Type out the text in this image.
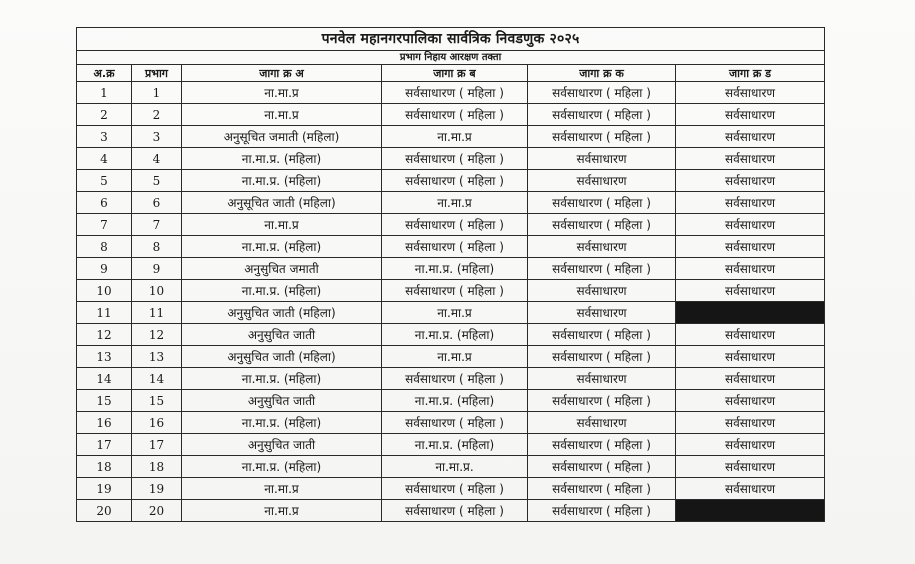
पनवेल महानगरपालिका सार्वत्रिक निवडणुक २०२५					
प्रभाग निहाय आरक्षण तक्ता					
अ.क्र	प्रभाग	जागा क्र अ	जागा क्र ब	जागा क्र क	जागा क्र ड
1	1	ना.मा.प्र	सर्वसाधारण ( महिला )	सर्वसाधारण ( महिला )	सर्वसाधारण
2	2	ना.मा.प्र	सर्वसाधारण ( महिला )	सर्वसाधारण ( महिला )	सर्वसाधारण
3	3	अनुसूचित जमाती (महिला)	ना.मा.प्र	सर्वसाधारण ( महिला )	सर्वसाधारण
4	4	ना.मा.प्र. (महिला)	सर्वसाधारण ( महिला )	सर्वसाधारण	सर्वसाधारण
5	5	ना.मा.प्र. (महिला)	सर्वसाधारण ( महिला )	सर्वसाधारण	सर्वसाधारण
6	6	अनुसूचित जाती (महिला)	ना.मा.प्र	सर्वसाधारण ( महिला )	सर्वसाधारण
7	7	ना.मा.प्र	सर्वसाधारण ( महिला )	सर्वसाधारण ( महिला )	सर्वसाधारण
8	8	ना.मा.प्र. (महिला)	सर्वसाधारण ( महिला )	सर्वसाधारण	सर्वसाधारण
9	9	अनुसुचित जमाती	ना.मा.प्र. (महिला)	सर्वसाधारण ( महिला )	सर्वसाधारण
10	10	ना.मा.प्र. (महिला)	सर्वसाधारण ( महिला )	सर्वसाधारण	सर्वसाधारण
11	11	अनुसुचित जाती (महिला)	ना.मा.प्र	सर्वसाधारण	
12	12	अनुसुचित जाती	ना.मा.प्र. (महिला)	सर्वसाधारण ( महिला )	सर्वसाधारण
13	13	अनुसुचित जाती (महिला)	ना.मा.प्र	सर्वसाधारण ( महिला )	सर्वसाधारण
14	14	ना.मा.प्र. (महिला)	सर्वसाधारण ( महिला )	सर्वसाधारण	सर्वसाधारण
15	15	अनुसुचित जाती	ना.मा.प्र. (महिला)	सर्वसाधारण ( महिला )	सर्वसाधारण
16	16	ना.मा.प्र. (महिला)	सर्वसाधारण ( महिला )	सर्वसाधारण	सर्वसाधारण
17	17	अनुसुचित जाती	ना.मा.प्र. (महिला)	सर्वसाधारण ( महिला )	सर्वसाधारण
18	18	ना.मा.प्र. (महिला)	ना.मा.प्र.	सर्वसाधारण ( महिला )	सर्वसाधारण
19	19	ना.मा.प्र	सर्वसाधारण ( महिला )	सर्वसाधारण ( महिला )	सर्वसाधारण
20	20	ना.मा.प्र	सर्वसाधारण ( महिला )	सर्वसाधारण ( महिला )	
